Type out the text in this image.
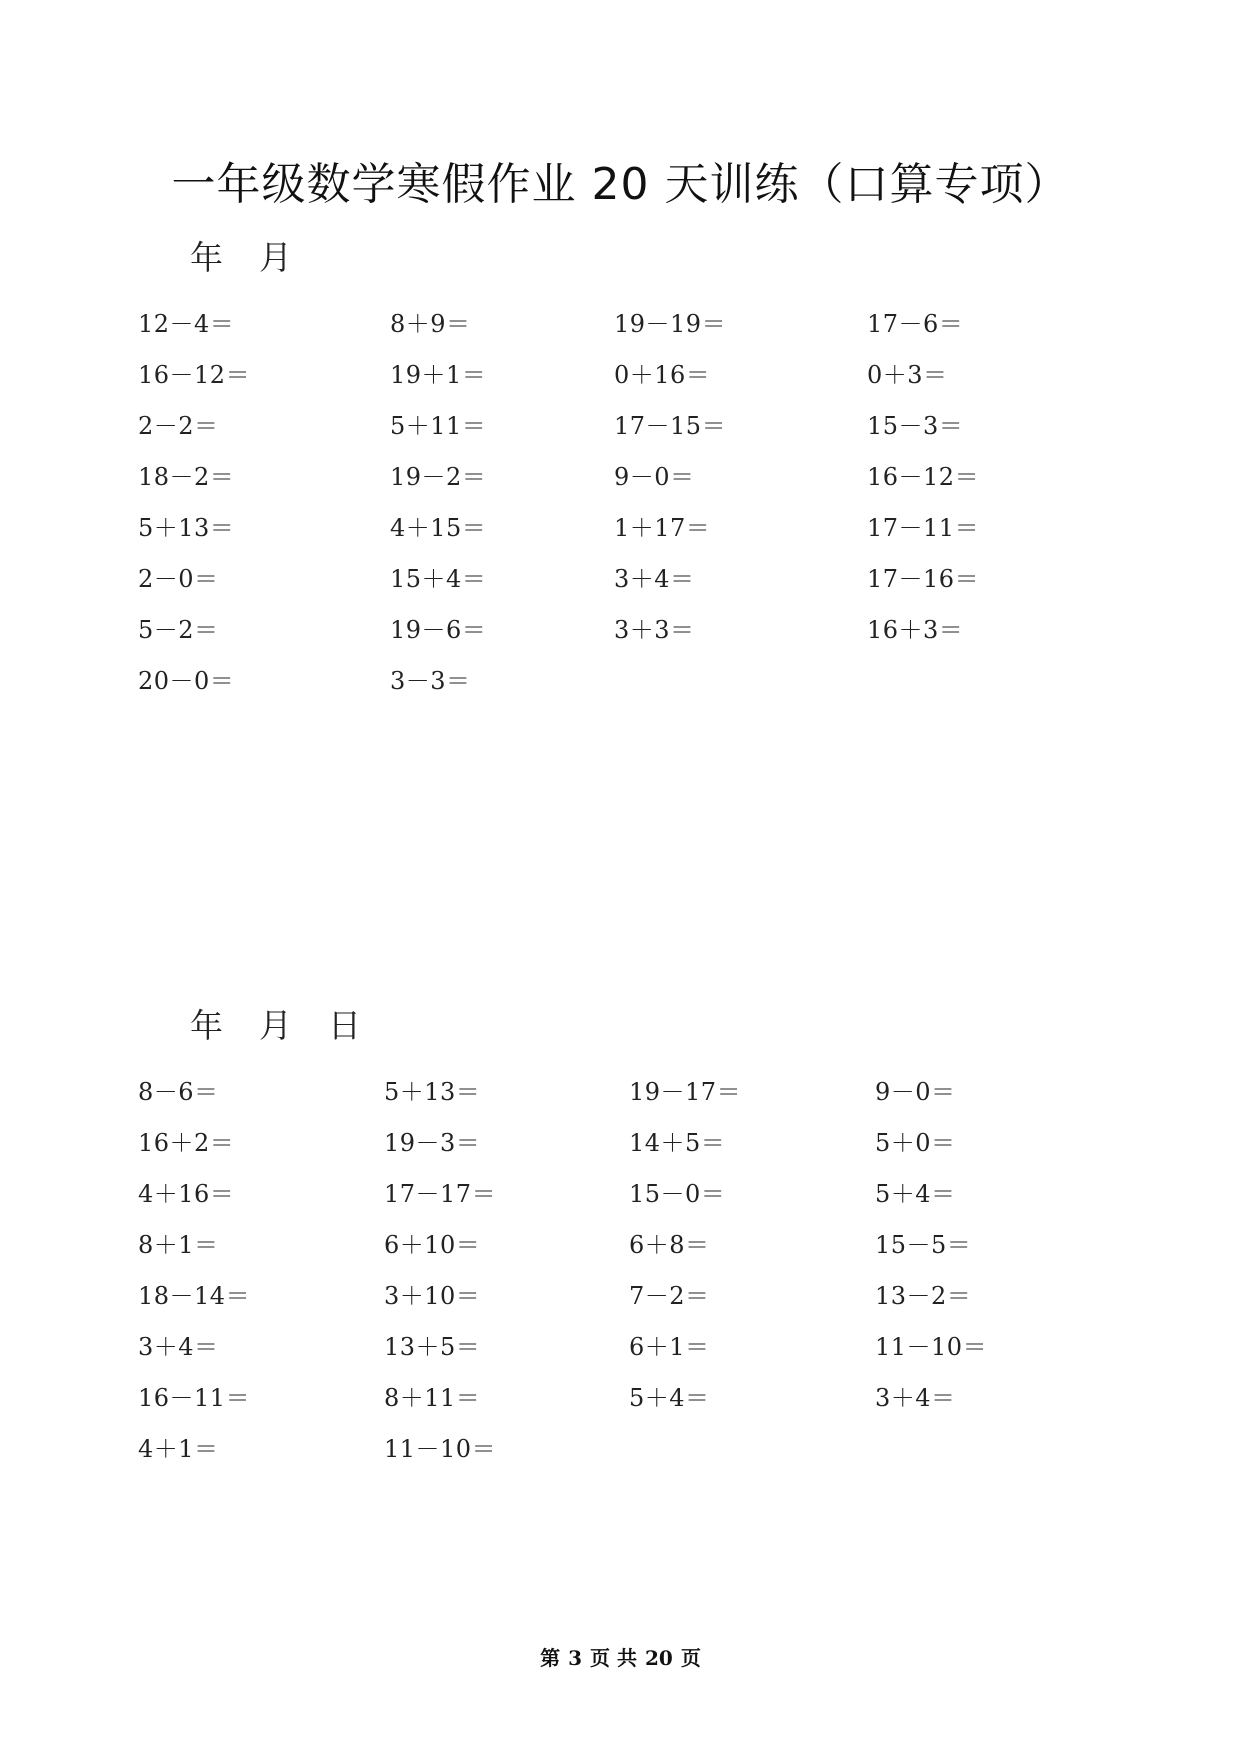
一年级数学寒假作业 20 天训练（口算专项）
年 月
12－4＝
16－12＝
2－2＝
18－2＝
5＋13＝
2－0＝
5－2＝
20－0＝
8＋9＝
19＋1＝
5＋11＝
19－2＝
4＋15＝
15＋4＝
19－6＝
3－3＝
19－19＝
0＋16＝
17－15＝
9－0＝
1＋17＝
3＋4＝
3＋3＝
17－6＝
0＋3＝
15－3＝
16－12＝
17－11＝
17－16＝
16＋3＝
年 月 日
8－6＝
16＋2＝
4＋16＝
8＋1＝
18－14＝
3＋4＝
16－11＝
4＋1＝
5＋13＝
19－3＝
17－17＝
6＋10＝
3＋10＝
13＋5＝
8＋11＝
11－10＝
19－17＝
14＋5＝
15－0＝
6＋8＝
7－2＝
6＋1＝
5＋4＝
9－0＝
5＋0＝
5＋4＝
15－5＝
13－2＝
11－10＝
3＋4＝
第 3 页 共 20 页
